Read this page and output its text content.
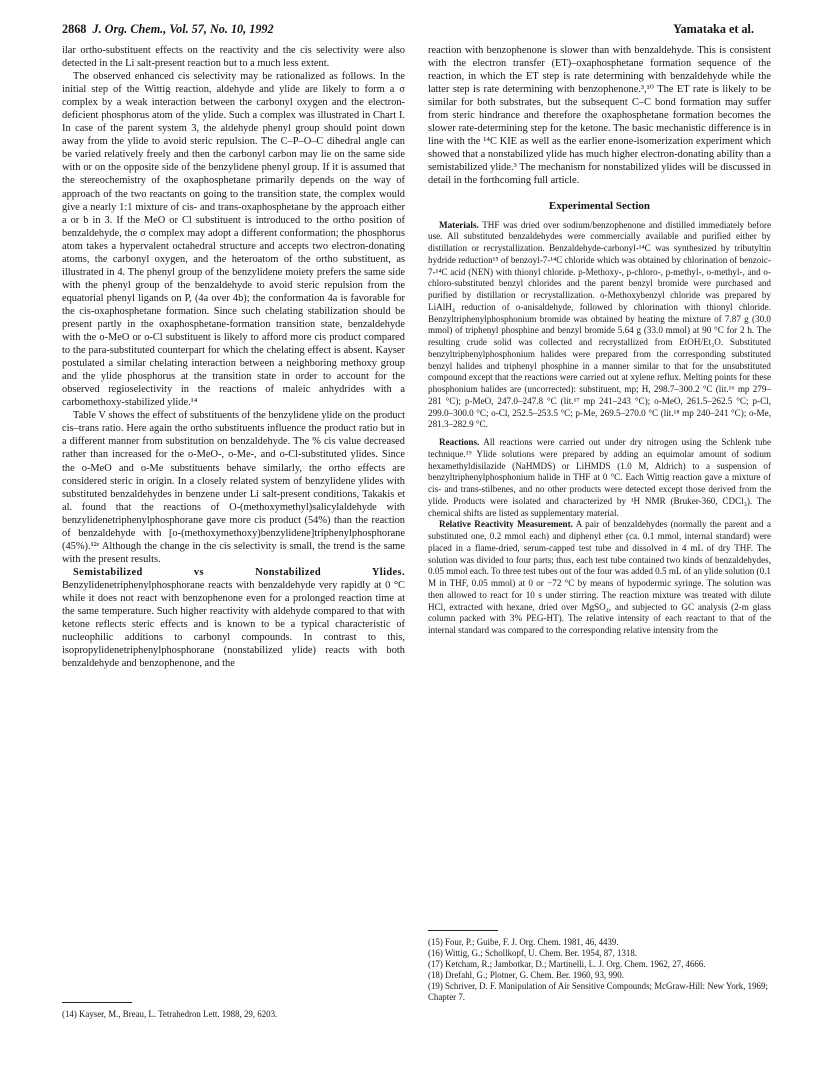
2868 J. Org. Chem., Vol. 57, No. 10, 1992	Yamataka et al.

ilar ortho-substituent effects on the reactivity and the cis selectivity were also detected in the Li salt-present reaction but to a much less extent.

The observed enhanced cis selectivity may be rationalized as follows. In the initial step of the Wittig reaction, aldehyde and ylide are likely to form a σ complex by a weak interaction between the carbonyl oxygen and the electron-deficient phosphorus atom of the ylide. Such a complex was illustrated in Chart I. In case of the parent system 3, the aldehyde phenyl group should point down away from the ylide to avoid steric repulsion. The C–P–O–C dihedral angle can be varied relatively freely and then the carbonyl carbon may lie on the same side with or on the opposite side of the benzylidene phenyl group. If it is assumed that the stereochemistry of the oxaphosphetane primarily depends on the way of approach of the two reactants on going to the transition state, the complex would give a nearly 1:1 mixture of cis- and trans-oxaphosphetane by the approach either a or b in 3. If the MeO or Cl substituent is introduced to the ortho position of benzaldehyde, the σ complex may adopt a different conformation; the phosphorus atom takes a hypervalent octahedral structure and accepts two electron-donating atoms, the carbonyl oxygen, and the heteroatom of the ortho substituent, as illustrated in 4. The phenyl group of the benzylidene moiety prefers the same side with the phenyl group of the benzaldehyde to avoid steric repulsion from the equatorial phenyl ligands on P, (4a over 4b); the conformation 4a is favorable for the cis-oxaphosphetane formation. Since such chelating stabilization should be present partly in the oxaphosphetane-formation transition state, benzaldehyde with the o-MeO or o-Cl substituent is likely to afford more cis product compared to the para-substituted counterpart for which the chelating effect is absent. Kayser postulated a similar chelating interaction between a neighboring methoxy group and the ylide phosphorus at the transition state in order to account for the observed regioselectivity in the reactions of maleic anhydrides with a carbomethoxy-stabilized ylide.¹⁴

Table V shows the effect of substituents of the benzylidene ylide on the product cis–trans ratio. Here again the ortho substituents influence the product ratio but in a different manner from substitution on benzaldehyde. The % cis value decreased rather than increased for the o-MeO-, o-Me-, and o-Cl-substituted ylides. Since the o-MeO and o-Me substituents behave similarly, the ortho effects are considered steric in origin. In a closely related system of benzylidene ylides with substituted benzaldehydes in benzene under Li salt-present conditions, Takakis et al. found that the reactions of O-(methoxymethyl)salicylaldehyde with benzylidenetriphenylphosphorane gave more cis product (54%) than the reaction of benzaldehyde with [o-(methoxymethoxy)benzylidene]triphenylphosphorane (45%).¹²ᵉ Although the change in the cis selectivity is small, the trend is the same with the present results.

Semistabilized vs Nonstabilized Ylides. Benzylidenetriphenylphosphorane reacts with benzaldehyde very rapidly at 0 °C while it does not react with benzophenone even for a prolonged reaction time at the same temperature. Such higher reactivity with aldehyde compared to that with ketone reflects steric effects and is known to be a typical characteristic of nucleophilic additions to carbonyl compounds. In contrast to this, isopropylidenetriphenylphosphorane (nonstabilized ylide) reacts with both benzaldehyde and benzophenone, and the

(14) Kayser, M., Breau, L. Tetrahedron Lett. 1988, 29, 6203.

reaction with benzophenone is slower than with benzaldehyde. This is consistent with the electron transfer (ET)–oxaphosphetane formation sequence of the reaction, in which the ET step is rate determining with benzaldehyde while the latter step is rate determining with benzophenone.³,¹⁰ The ET rate is likely to be similar for both substrates, but the subsequent C–C bond formation may suffer from steric hindrance and therefore the oxaphosphetane formation becomes the slower rate-determining step for the ketone. The basic mechanistic difference is in line with the ¹⁴C KIE as well as the earlier enone-isomerization experiment which showed that a nonstabilized ylide has much higher electron-donating ability than a semistabilized ylide.³ The mechanism for nonstabilized ylides will be discussed in detail in the forthcoming full article.

Experimental Section

Materials. THF was dried over sodium/benzophenone and distilled immediately before use. All substituted benzaldehydes were commercially available and purified either by distillation or recrystallization. Benzaldehyde-carbonyl-¹⁴C was synthesized by tributyltin hydride reduction¹⁵ of benzoyl-7-¹⁴C chloride which was obtained by chlorination of benzoic-7-¹⁴C acid (NEN) with thionyl chloride. p-Methoxy-, p-chloro-, p-methyl-, o-methyl-, and o-chloro-substituted benzyl chlorides and the parent benzyl bromide were purchased and purified by distillation or recrystallization. o-Methoxybenzyl chloride was prepared by LiAlH₄ reduction of o-anisaldehyde, followed by chlorination with thionyl chloride. Benzyltriphenylphosphonium bromide was obtained by heating the mixture of 7.87 g (30.0 mmol) of triphenyl phosphine and benzyl bromide 5.64 g (33.0 mmol) at 90 °C for 2 h. The resulting crude solid was collected and recrystallized from EtOH/Et₂O. Substituted benzyltriphenylphosphonium halides were prepared from the corresponding substituted benzyl halides and triphenyl phosphine in a manner similar to that for the unsubstituted compound except that the reactions were carried out at xylene reflux. Melting points for these phosphonium halides are (uncorrected): substituent, mp; H, 298.7–300.2 °C (lit.¹⁶ mp 279–281 °C); p-MeO, 247.0–247.8 °C (lit.¹⁷ mp 241–243 °C); o-MeO, 261.5–262.5 °C; p-Cl, 299.0–300.0 °C; o-Cl, 252.5–253.5 °C; p-Me, 269.5–270.0 °C (lit.¹⁸ mp 240–241 °C); o-Me, 281.3–282.9 °C.

Reactions. All reactions were carried out under dry nitrogen using the Schlenk tube technique.¹⁹ Ylide solutions were prepared by adding an equimolar amount of sodium hexamethyldisilazide (NaHMDS) or LiHMDS (1.0 M, Aldrich) to a suspension of benzyltriphenylphosphonium halide in THF at 0 °C. Each Wittig reaction gave a mixture of cis- and trans-stilbenes, and no other products were detected except those derived from the ylide. Products were isolated and characterized by ¹H NMR (Bruker-360, CDCl₃). The chemical shifts are listed as supplementary material.

Relative Reactivity Measurement. A pair of benzaldehydes (normally the parent and a substituted one, 0.2 mmol each) and diphenyl ether (ca. 0.1 mmol, internal standard) were placed in a flame-dried, serum-capped test tube and dissolved in 4 mL of dry THF. The solution was divided to four parts; thus, each test tube contained two kinds of benzaldehydes, 0.05 mmol each. To three test tubes out of the four was added 0.5 mL of an ylide solution (0.1 M in THF, 0.05 mmol) at 0 or −72 °C by means of hypodermic syringe. The solution was then allowed to react for 10 s under stirring. The reaction mixture was treated with dilute HCl, extracted with hexane, dried over MgSO₄, and subjected to GC analysis (2-m glass column packed with 3% PEG-HT). The relative intensity of each reactant to that of the internal standard was compared to the corresponding relative intensity from the

(15) Four, P.; Guibe, F. J. Org. Chem. 1981, 46, 4439.

(16) Wittig, G.; Schollkopf, U. Chem. Ber. 1954, 87, 1318.

(17) Ketcham, R.; Jambotkar, D.; Martinelli, L. J. Org. Chem. 1962, 27, 4666.

(18) Drefahl, G.; Plotner, G. Chem. Ber. 1960, 93, 990.

(19) Schriver, D. F. Manipulation of Air Sensitive Compounds; McGraw-Hill: New York, 1969; Chapter 7.
